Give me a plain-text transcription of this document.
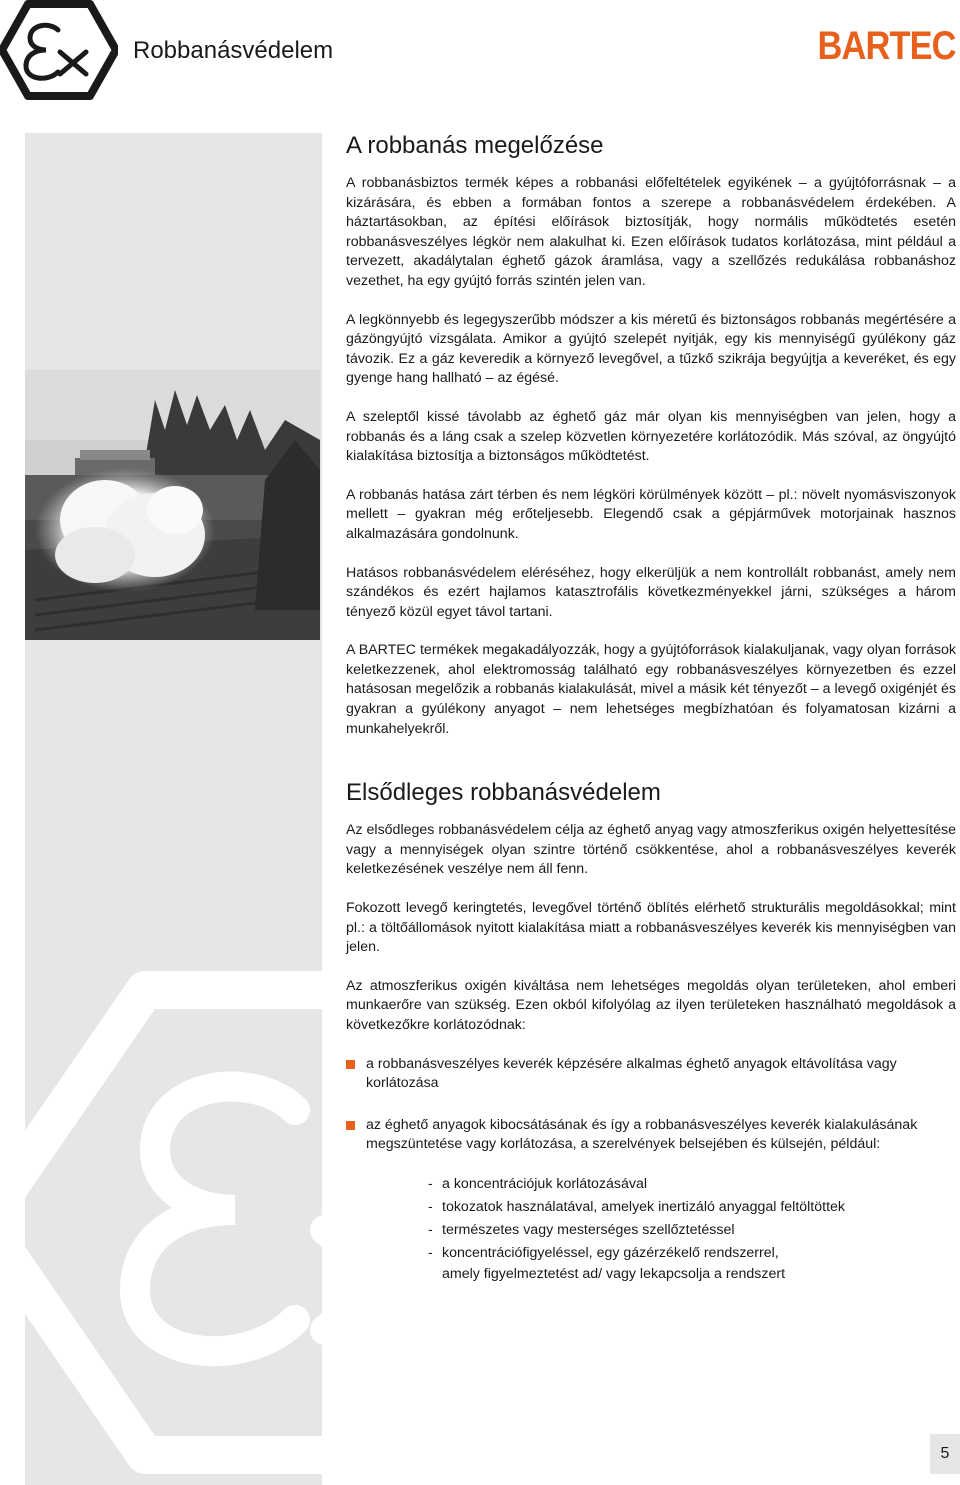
Robbanásvédelem	BARTEC
A robbanás megelőzése

A robbanásbiztos termék képes a robbanási előfeltételek egyikének – a gyújtóforrásnak – a kizárására, és ebben a formában fontos a szerepe a robbanásvédelem érdekében. A háztartásokban, az építési előírások biztosítják, hogy normális működtetés esetén robbanásveszélyes légkör nem alakulhat ki. Ezen előírások tudatos korlátozása, mint például a tervezett, akadálytalan éghető gázok áramlása, vagy a szellőzés redukálása robbanáshoz vezethet, ha egy gyújtó forrás szintén jelen van.

A legkönnyebb és legegyszerűbb módszer a kis méretű és biztonságos robbanás megértésére a gázöngyújtó vizsgálata. Amikor a gyújtó szelepét nyitják, egy kis mennyiségű gyúlékony gáz távozik. Ez a gáz keveredik a környező levegővel, a tűzkő szikrája begyújtja a keveréket, és egy gyenge hang hallható – az égésé.

A szeleptől kissé távolabb az éghető gáz már olyan kis mennyiségben van jelen, hogy a robbanás és a láng csak a szelep közvetlen környezetére korlátozódik. Más szóval, az öngyújtó kialakítása biztosítja a biztonságos működtetést.

A robbanás hatása zárt térben és nem légköri körülmények között – pl.: növelt nyomásviszonyok mellett – gyakran még erőteljesebb. Elegendő csak a gépjárművek motorjainak hasznos alkalmazására gondolnunk.

Hatásos robbanásvédelem eléréséhez, hogy elkerüljük a nem kontrollált robbanást, amely nem szándékos és ezért hajlamos katasztrofális következményekkel járni, szükséges a három tényező közül egyet távol tartani.

A BARTEC termékek megakadályozzák, hogy a gyújtóforrások kialakuljanak, vagy olyan források keletkezzenek, ahol elektromosság található egy robbanásveszélyes környezetben és ezzel hatásosan megelőzik a robbanás kialakulását, mivel a másik két tényezőt – a levegő oxigénjét és gyakran a gyúlékony anyagot – nem lehetséges megbízhatóan és folyamatosan kizárni a munkahelyekről.

Elsődleges robbanásvédelem

Az elsődleges robbanásvédelem célja az éghető anyag vagy atmoszferikus oxigén helyettesítése vagy a mennyiségek olyan szintre történő csökkentése, ahol a robbanásveszélyes keverék keletkezésének veszélye nem áll fenn.

Fokozott levegő keringtetés, levegővel történő öblítés elérhető strukturális megoldásokkal; mint pl.: a töltőállomások nyitott kialakítása miatt a robbanásveszélyes keverék kis mennyiségben van jelen.

Az atmoszferikus oxigén kiváltása nem lehetséges megoldás olyan területeken, ahol emberi munkaerőre van szükség. Ezen okból kifolyólag az ilyen területeken használható megoldások a következőkre korlátozódnak:

a robbanásveszélyes keverék képzésére alkalmas éghető anyagok eltávolítása vagy korlátozása
az éghető anyagok kibocsátásának és így a robbanásveszélyes keverék kialakulásának megszüntetése vagy korlátozása, a szerelvények belsejében és külsején, például:
- a koncentrációjuk korlátozásával
- tokozatok használatával, amelyek inertizáló anyaggal feltöltöttek
- természetes vagy mesterséges szellőztetéssel
- koncentrációfigyeléssel, egy gázérzékelő rendszerrel,
amely figyelmeztetést ad/ vagy lekapcsolja a rendszert
5
